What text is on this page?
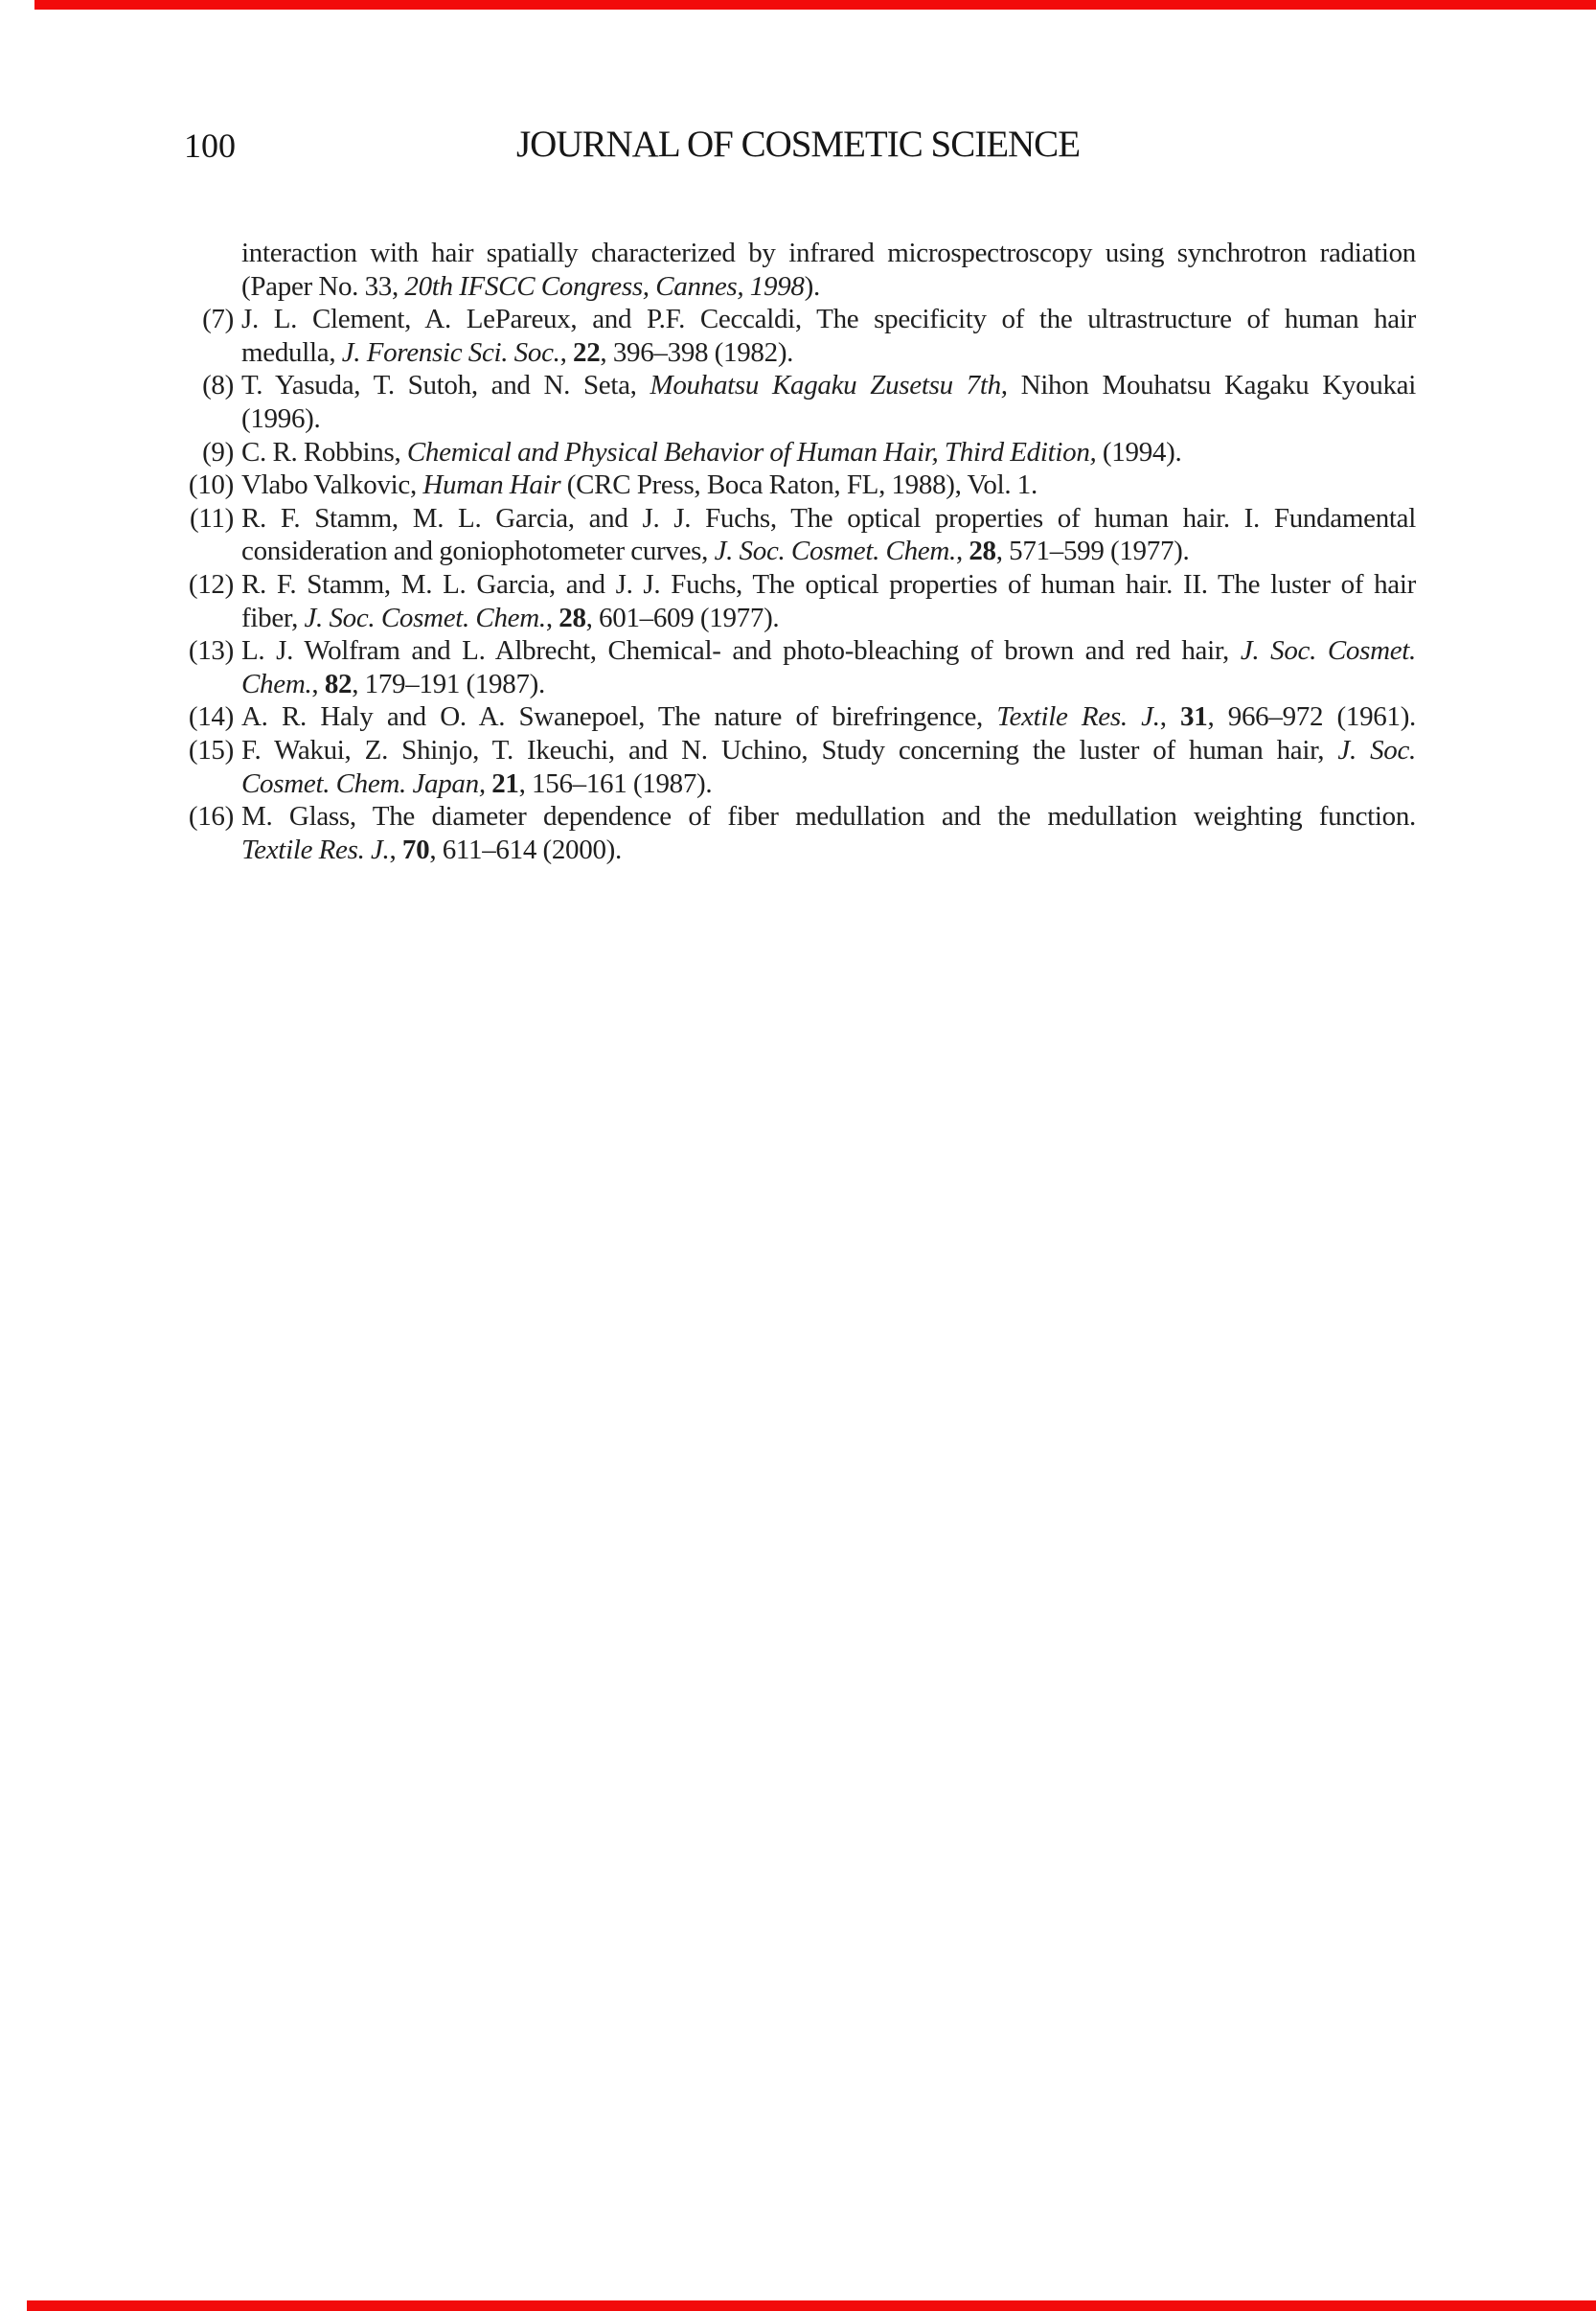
100	JOURNAL OF COSMETIC SCIENCE
interaction with hair spatially characterized by infrared microspectroscopy using synchrotron radiation
(Paper No. 33, 20th IFSCC Congress, Cannes, 1998).
(7) J. L. Clement, A. LePareux, and P.F. Ceccaldi, The specificity of the ultrastructure of human hair
medulla, J. Forensic Sci. Soc., 22, 396–398 (1982).
(8) T. Yasuda, T. Sutoh, and N. Seta, Mouhatsu Kagaku Zusetsu 7th, Nihon Mouhatsu Kagaku Kyoukai
(1996).
(9) C. R. Robbins, Chemical and Physical Behavior of Human Hair, Third Edition, (1994).
(10) Vlabo Valkovic, Human Hair (CRC Press, Boca Raton, FL, 1988), Vol. 1.
(11) R. F. Stamm, M. L. Garcia, and J. J. Fuchs, The optical properties of human hair. I. Fundamental
consideration and goniophotometer curves, J. Soc. Cosmet. Chem., 28, 571–599 (1977).
(12) R. F. Stamm, M. L. Garcia, and J. J. Fuchs, The optical properties of human hair. II. The luster of hair
fiber, J. Soc. Cosmet. Chem., 28, 601–609 (1977).
(13) L. J. Wolfram and L. Albrecht, Chemical- and photo-bleaching of brown and red hair, J. Soc. Cosmet.
Chem., 82, 179–191 (1987).
(14) A. R. Haly and O. A. Swanepoel, The nature of birefringence, Textile Res. J., 31, 966–972 (1961).
(15) F. Wakui, Z. Shinjo, T. Ikeuchi, and N. Uchino, Study concerning the luster of human hair, J. Soc.
Cosmet. Chem. Japan, 21, 156–161 (1987).
(16) M. Glass, The diameter dependence of fiber medullation and the medullation weighting function.
Textile Res. J., 70, 611–614 (2000).
